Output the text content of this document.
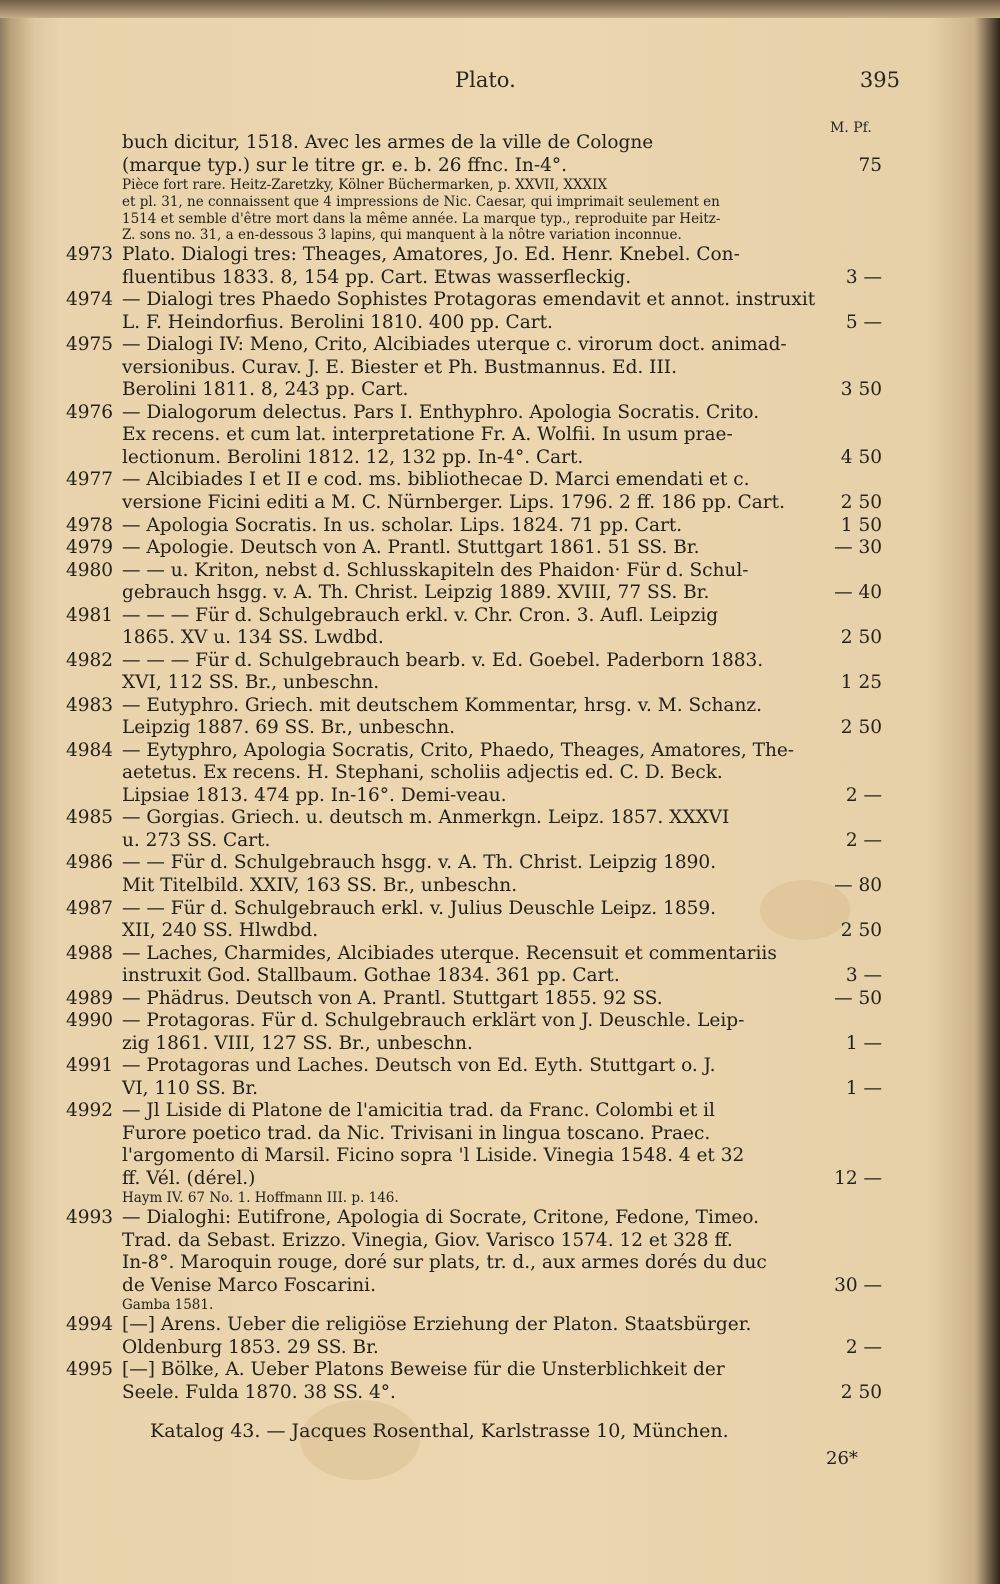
Plato.	395
M. Pf.
buch dicitur, 1518. Avec les armes de la ville de Cologne
(marque typ.) sur le titre gr. e. b. 26 ffnc. In-4°.	75
Pièce fort rare. Heitz-Zaretzky, Kölner Büchermarken, p. XXVII, XXXIX
et pl. 31, ne connaissent que 4 impressions de Nic. Caesar, qui imprimait seulement en
1514 et semble d'être mort dans la même année. La marque typ., reproduite par Heitz-
Z. sons no. 31, a en-dessous 3 lapins, qui manquent à la nôtre variation inconnue.
4973 Plato. Dialogi tres: Theages, Amatores, Jo. Ed. Henr. Knebel. Con-
fluentibus 1833. 8, 154 pp. Cart. Etwas wasserfleckig.	3 —
4974 — Dialogi tres Phaedo Sophistes Protagoras emendavit et annot. instruxit
L. F. Heindorfius. Berolini 1810. 400 pp. Cart.	5 —
4975 — Dialogi IV: Meno, Crito, Alcibiades uterque c. virorum doct. animad-
versionibus. Curav. J. E. Biester et Ph. Bustmannus. Ed. III.
Berolini 1811. 8, 243 pp. Cart.	3 50
4976 — Dialogorum delectus. Pars I. Enthyphro. Apologia Socratis. Crito.
Ex recens. et cum lat. interpretatione Fr. A. Wolfii. In usum prae-
lectionum. Berolini 1812. 12, 132 pp. In-4°. Cart.	4 50
4977 — Alcibiades I et II e cod. ms. bibliothecae D. Marci emendati et c.
versione Ficini editi a M. C. Nürnberger. Lips. 1796. 2 ff. 186 pp. Cart.	2 50
4978 — Apologia Socratis. In us. scholar. Lips. 1824. 71 pp. Cart.	1 50
4979 — Apologie. Deutsch von A. Prantl. Stuttgart 1861. 51 SS. Br.	— 30
4980 — — u. Kriton, nebst d. Schlusskapiteln des Phaidon· Für d. Schul-
gebrauch hsgg. v. A. Th. Christ. Leipzig 1889. XVIII, 77 SS. Br.	— 40
4981 — — — Für d. Schulgebrauch erkl. v. Chr. Cron. 3. Aufl. Leipzig
1865. XV u. 134 SS. Lwdbd.	2 50
4982 — — — Für d. Schulgebrauch bearb. v. Ed. Goebel. Paderborn 1883.
XVI, 112 SS. Br., unbeschn.	1 25
4983 — Eutyphro. Griech. mit deutschem Kommentar, hrsg. v. M. Schanz.
Leipzig 1887. 69 SS. Br., unbeschn.	2 50
4984 — Eytyphro, Apologia Socratis, Crito, Phaedo, Theages, Amatores, The-
aetetus. Ex recens. H. Stephani, scholiis adjectis ed. C. D. Beck.
Lipsiae 1813. 474 pp. In-16°. Demi-veau.	2 —
4985 — Gorgias. Griech. u. deutsch m. Anmerkgn. Leipz. 1857. XXXVI
u. 273 SS. Cart.	2 —
4986 — — Für d. Schulgebrauch hsgg. v. A. Th. Christ. Leipzig 1890.
Mit Titelbild. XXIV, 163 SS. Br., unbeschn.	— 80
4987 — — Für d. Schulgebrauch erkl. v. Julius Deuschle Leipz. 1859.
XII, 240 SS. Hlwdbd.	2 50
4988 — Laches, Charmides, Alcibiades uterque. Recensuit et commentariis
instruxit God. Stallbaum. Gothae 1834. 361 pp. Cart.	3 —
4989 — Phädrus. Deutsch von A. Prantl. Stuttgart 1855. 92 SS.	— 50
4990 — Protagoras. Für d. Schulgebrauch erklärt von J. Deuschle. Leip-
zig 1861. VIII, 127 SS. Br., unbeschn.	1 —
4991 — Protagoras und Laches. Deutsch von Ed. Eyth. Stuttgart o. J.
VI, 110 SS. Br.	1 —
4992 — Jl Liside di Platone de l'amicitia trad. da Franc. Colombi et il
Furore poetico trad. da Nic. Trivisani in lingua toscano. Praec.
l'argomento di Marsil. Ficino sopra 'l Liside. Vinegia 1548. 4 et 32
ff. Vél. (dérel.)	12 —
Haym IV. 67 No. 1. Hoffmann III. p. 146.
4993 — Dialoghi: Eutifrone, Apologia di Socrate, Critone, Fedone, Timeo.
Trad. da Sebast. Erizzo. Vinegia, Giov. Varisco 1574. 12 et 328 ff.
In-8°. Maroquin rouge, doré sur plats, tr. d., aux armes dorés du duc
de Venise Marco Foscarini.	30 —
Gamba 1581.
4994 [—] Arens. Ueber die religiöse Erziehung der Platon. Staatsbürger.
Oldenburg 1853. 29 SS. Br.	2 —
4995 [—] Bölke, A. Ueber Platons Beweise für die Unsterblichkeit der
Seele. Fulda 1870. 38 SS. 4°.	2 50
Katalog 43. — Jacques Rosenthal, Karlstrasse 10, München.
26*
